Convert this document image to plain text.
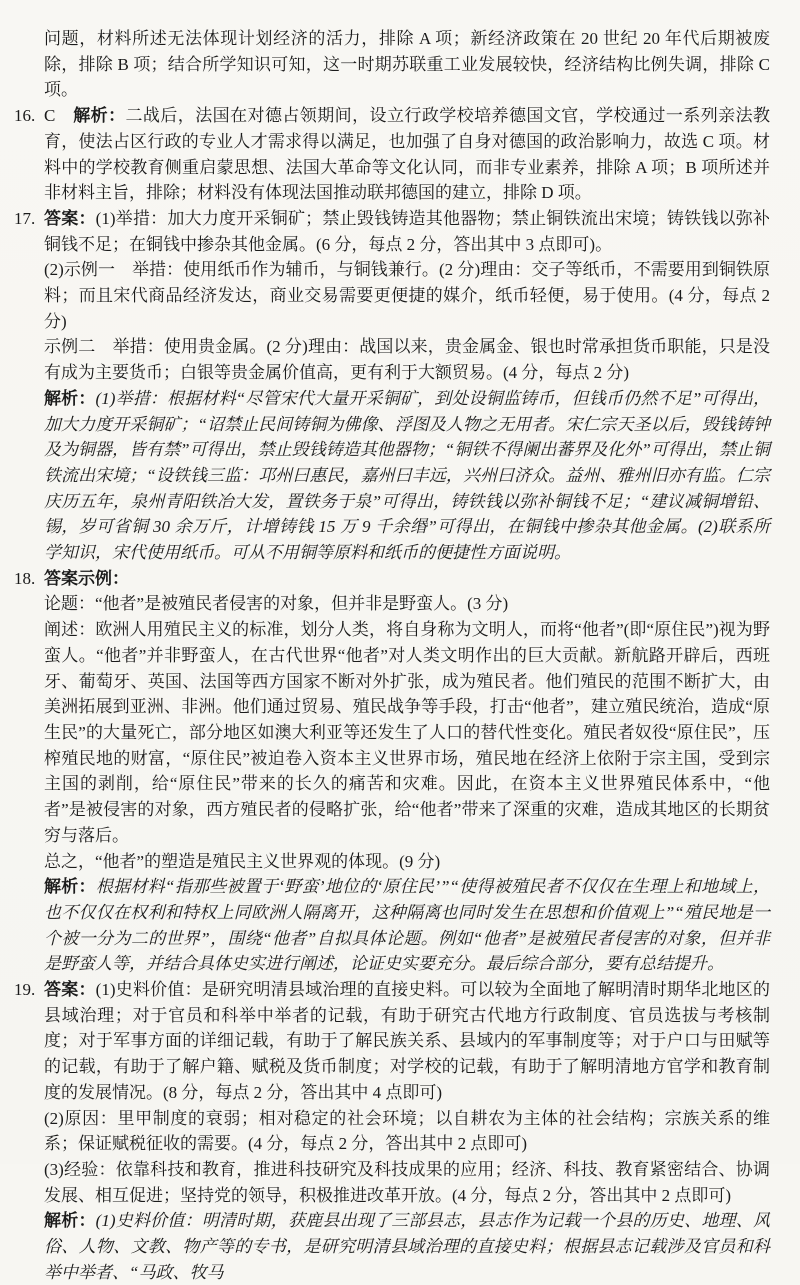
问题，材料所述无法体现计划经济的活力，排除 A 项；新经济政策在 20 世纪 20 年代后期被废除，排除 B 项；结合所学知识可知，这一时期苏联重工业发展较快，经济结构比例失调，排除 C 项。
16. C　解析：二战后，法国在对德占领期间，设立行政学校培养德国文官，学校通过一系列亲法教育，使法占区行政的专业人才需求得以满足，也加强了自身对德国的政治影响力，故选 C 项。材料中的学校教育侧重启蒙思想、法国大革命等文化认同，而非专业素养，排除 A 项；B 项所述并非材料主旨，排除；材料没有体现法国推动联邦德国的建立，排除 D 项。
17. 答案：(1)举措：加大力度开采铜矿；禁止毁钱铸造其他器物；禁止铜铁流出宋境；铸铁钱以弥补铜钱不足；在铜钱中掺杂其他金属。(6 分，每点 2 分，答出其中 3 点即可)。
(2)示例一　举措：使用纸币作为辅币，与铜钱兼行。(2 分)理由：交子等纸币，不需要用到铜铁原料；而且宋代商品经济发达，商业交易需要更便捷的媒介，纸币轻便，易于使用。(4 分，每点 2 分)
示例二　举措：使用贵金属。(2 分)理由：战国以来，贵金属金、银也时常承担货币职能，只是没有成为主要货币；白银等贵金属价值高，更有利于大额贸易。(4 分，每点 2 分)
解析：(1)举措：根据材料“尽管宋代大量开采铜矿，到处设铜监铸币，但钱币仍然不足”可得出，加大力度开采铜矿；“诏禁止民间铸铜为佛像、浮图及人物之无用者。宋仁宗天圣以后，毁钱铸钟及为铜器，皆有禁”可得出，禁止毁钱铸造其他器物；“铜铁不得阑出蕃界及化外”可得出，禁止铜铁流出宋境；“设铁钱三监：邛州曰惠民，嘉州曰丰远，兴州曰济众。益州、雅州旧亦有监。仁宗庆历五年，泉州青阳铁冶大发，置铁务于泉”可得出，铸铁钱以弥补铜钱不足；“建议减铜增铅、锡，岁可省铜 30 余万斤，计增铸钱 15 万 9 千余缗”可得出，在铜钱中掺杂其他金属。(2)联系所学知识，宋代使用纸币。可从不用铜等原料和纸币的便捷性方面说明。
18. 答案示例：
论题：“他者”是被殖民者侵害的对象，但并非是野蛮人。(3 分)
阐述：欧洲人用殖民主义的标准，划分人类，将自身称为文明人，而将“他者”(即“原住民”)视为野蛮人。“他者”并非野蛮人，在古代世界“他者”对人类文明作出的巨大贡献。新航路开辟后，西班牙、葡萄牙、英国、法国等西方国家不断对外扩张，成为殖民者。他们殖民的范围不断扩大，由美洲拓展到亚洲、非洲。他们通过贸易、殖民战争等手段，打击“他者”，建立殖民统治，造成“原生民”的大量死亡，部分地区如澳大利亚等还发生了人口的替代性变化。殖民者奴役“原住民”，压榨殖民地的财富，“原住民”被迫卷入资本主义世界市场，殖民地在经济上依附于宗主国，受到宗主国的剥削，给“原住民”带来的长久的痛苦和灾难。因此，在资本主义世界殖民体系中，“他者”是被侵害的对象，西方殖民者的侵略扩张，给“他者”带来了深重的灾难，造成其地区的长期贫穷与落后。
总之，“他者”的塑造是殖民主义世界观的体现。(9 分)
解析：根据材料“指那些被置于‘野蛮’地位的‘原住民’”“使得被殖民者不仅仅在生理上和地域上，也不仅仅在权利和特权上同欧洲人隔离开，这种隔离也同时发生在思想和价值观上”“殖民地是一个被一分为二的世界”，围绕“他者”自拟具体论题。例如“他者”是被殖民者侵害的对象，但并非是野蛮人等，并结合具体史实进行阐述，论证史实要充分。最后综合部分，要有总结提升。
19. 答案：(1)史料价值：是研究明清县域治理的直接史料。可以较为全面地了解明清时期华北地区的县域治理；对于官员和科举中举者的记载，有助于研究古代地方行政制度、官员选拔与考核制度；对于军事方面的详细记载，有助于了解民族关系、县域内的军事制度等；对于户口与田赋等的记载，有助于了解户籍、赋税及货币制度；对学校的记载，有助于了解明清地方官学和教育制度的发展情况。(8 分，每点 2 分，答出其中 4 点即可)
(2)原因：里甲制度的衰弱；相对稳定的社会环境；以自耕农为主体的社会结构；宗族关系的维系；保证赋税征收的需要。(4 分，每点 2 分，答出其中 2 点即可)
(3)经验：依靠科技和教育，推进科技研究及科技成果的应用；经济、科技、教育紧密结合、协调发展、相互促进；坚持党的领导，积极推进改革开放。(4 分，每点 2 分，答出其中 2 点即可)
解析：(1)史料价值：明清时期，获鹿县出现了三部县志，县志作为记载一个县的历史、地理、风俗、人物、文教、物产等的专书，是研究明清县域治理的直接史料；根据县志记载涉及官员和科举中举者、“马政、牧马
